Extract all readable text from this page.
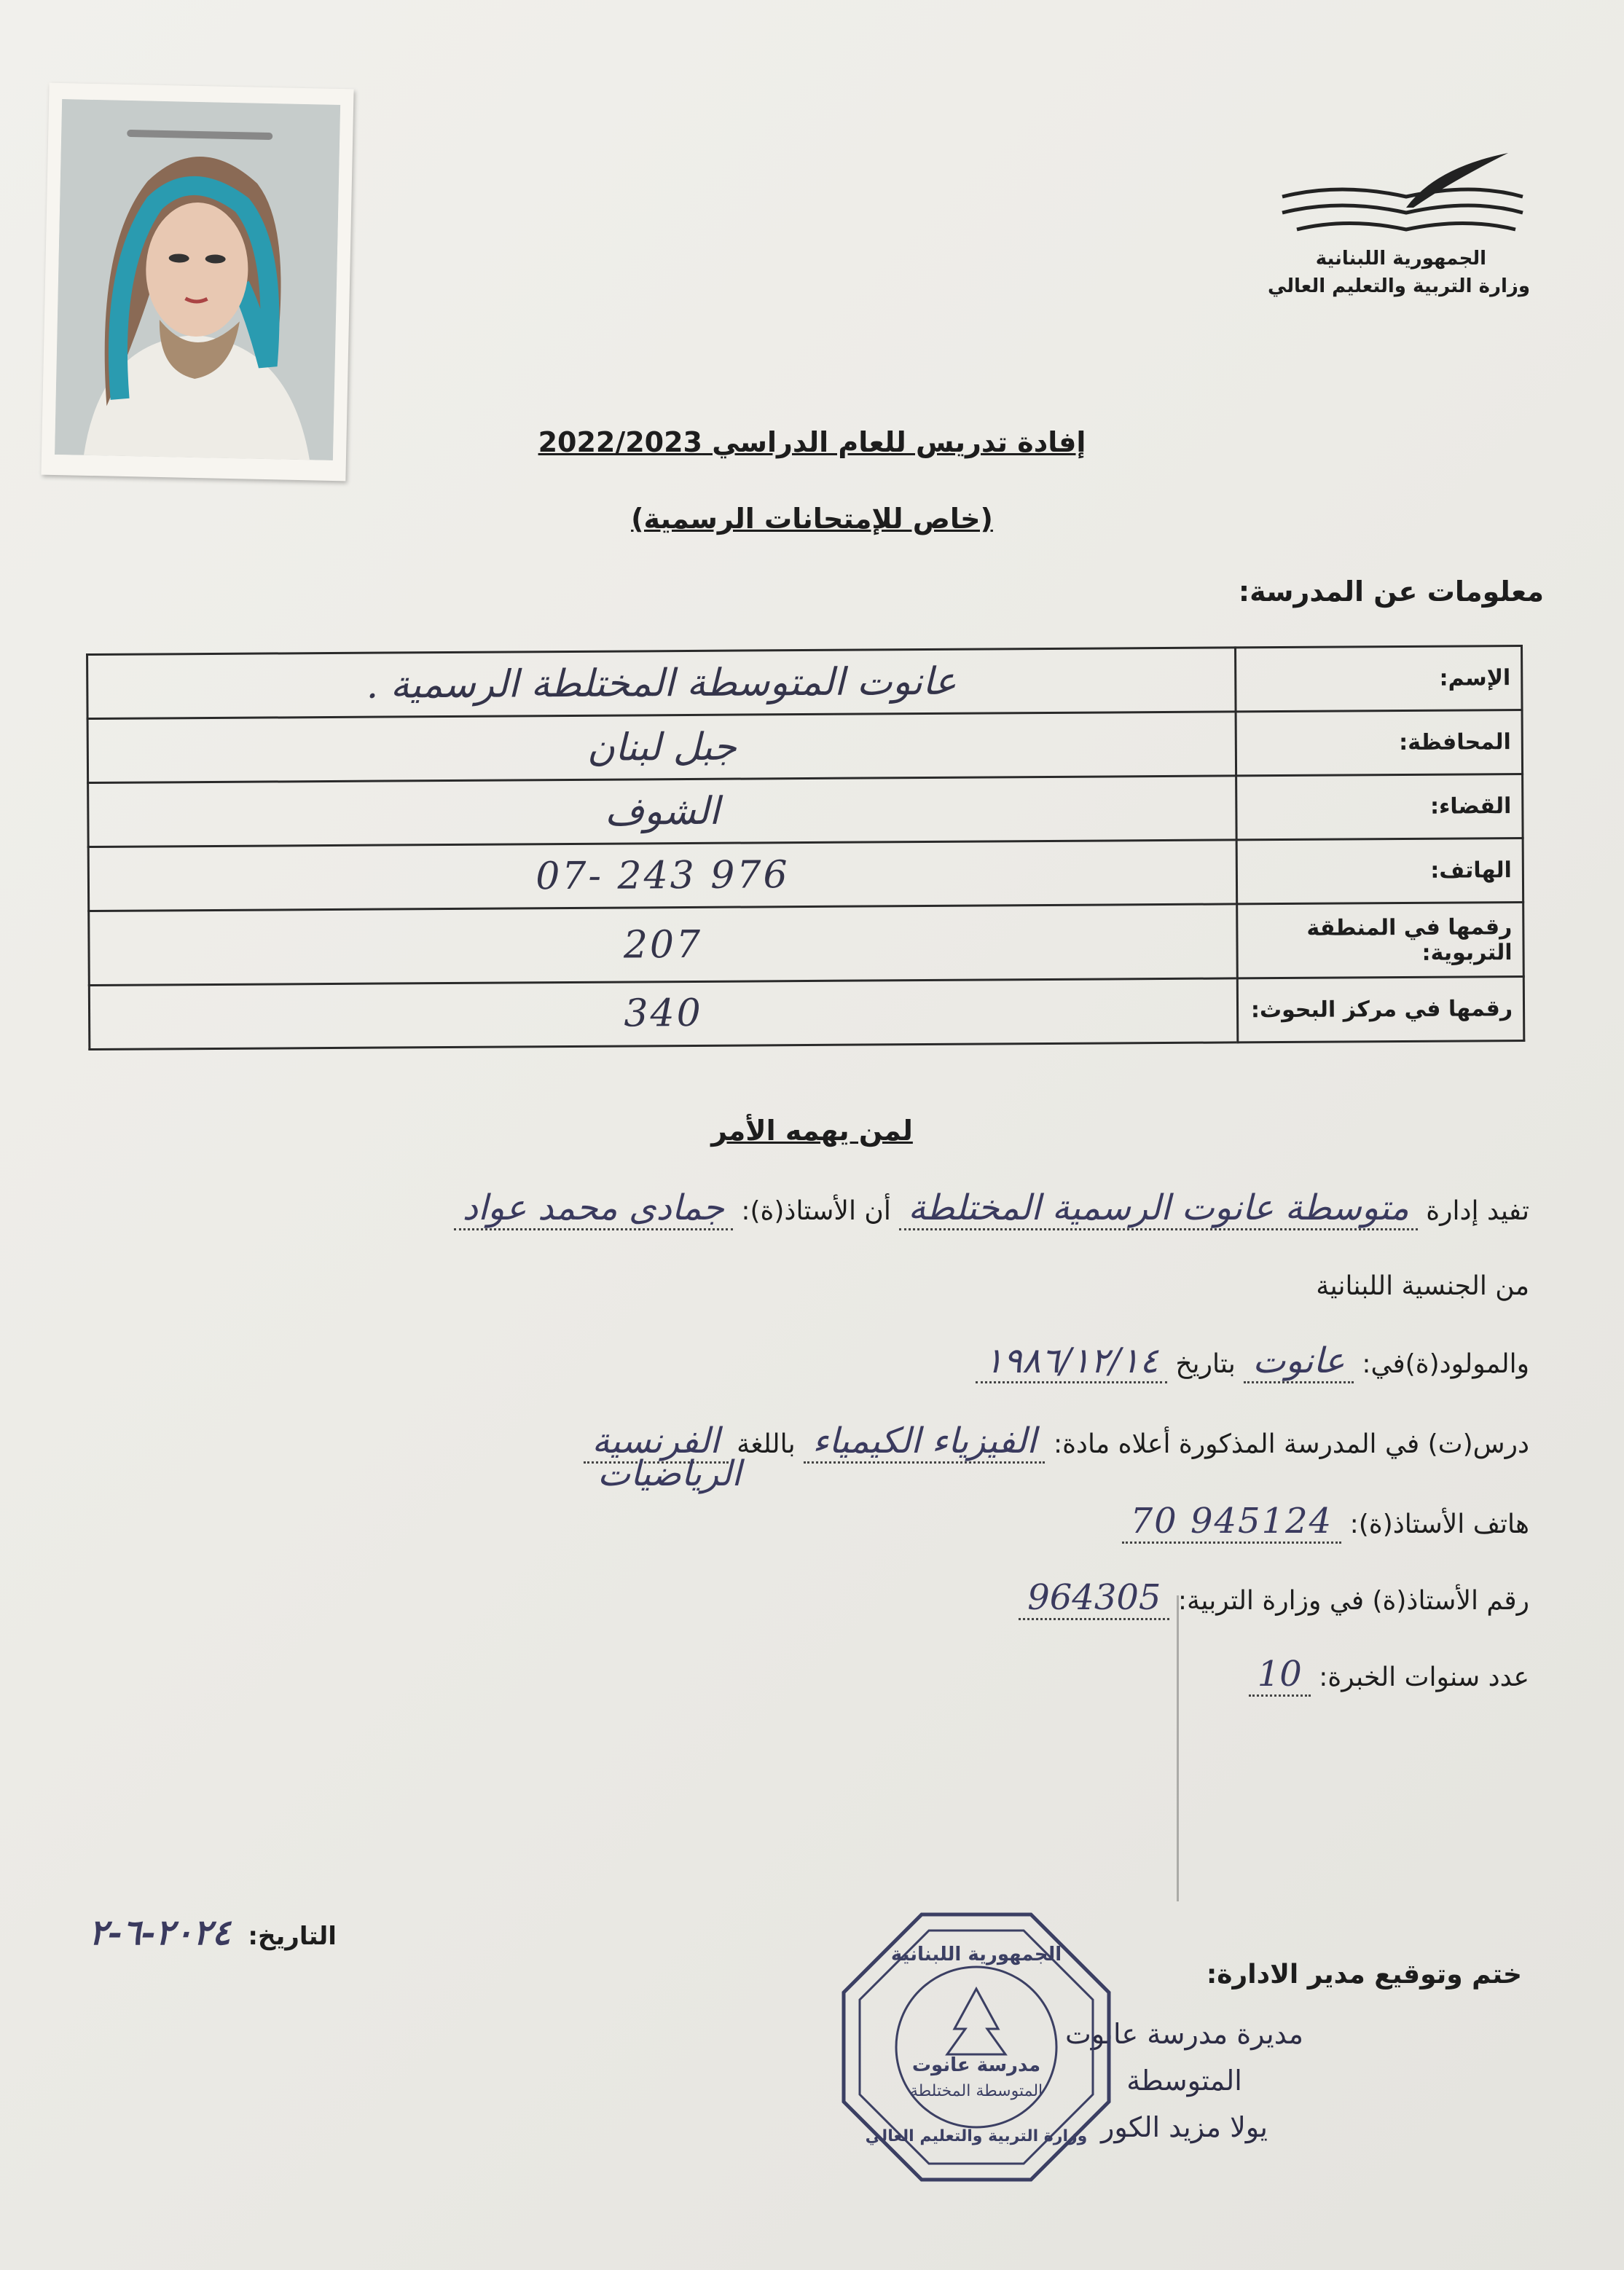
الجمهورية اللبنانية
وزارة التربية والتعليم العالي
إفادة تدريس للعام الدراسي 2022/2023
(خاص للإمتحانات الرسمية)
معلومات عن المدرسة:
الإسم:	عانوت المتوسطة المختلطة الرسمية .
المحافظة:	جبل لبنان
القضاء:	الشوف
الهاتف:	07- 243 976
رقمها في المنطقة التربوية:	207
رقمها في مركز البحوث:	340
لمن يهمه الأمر
تفيد إدارة متوسطة عانوت الرسمية المختلطة أن الأستاذ(ة): جمادى محمد عواد
من الجنسية اللبنانية
والمولود(ة)في: عانوت بتاريخ ١٩٨٦/١٢/١٤
درس(ت) في المدرسة المذكورة أعلاه مادة: الفيزياء الكيمياء باللغة الفرنسية
الرياضيات
هاتف الأستاذ(ة): 70 945124
رقم الأستاذ(ة) في وزارة التربية: 964305
عدد سنوات الخبرة: 10
التاريخ: ٢٠٢٤-٦-٢
ختم وتوقيع مدير الادارة:
مديرة مدرسة عانوت
المتوسطة
يولا مزيد الكور
الجمهورية اللبنانية
مدرسة عانوت
المتوسطة المختلطة
وزارة التربية والتعليم العالي
